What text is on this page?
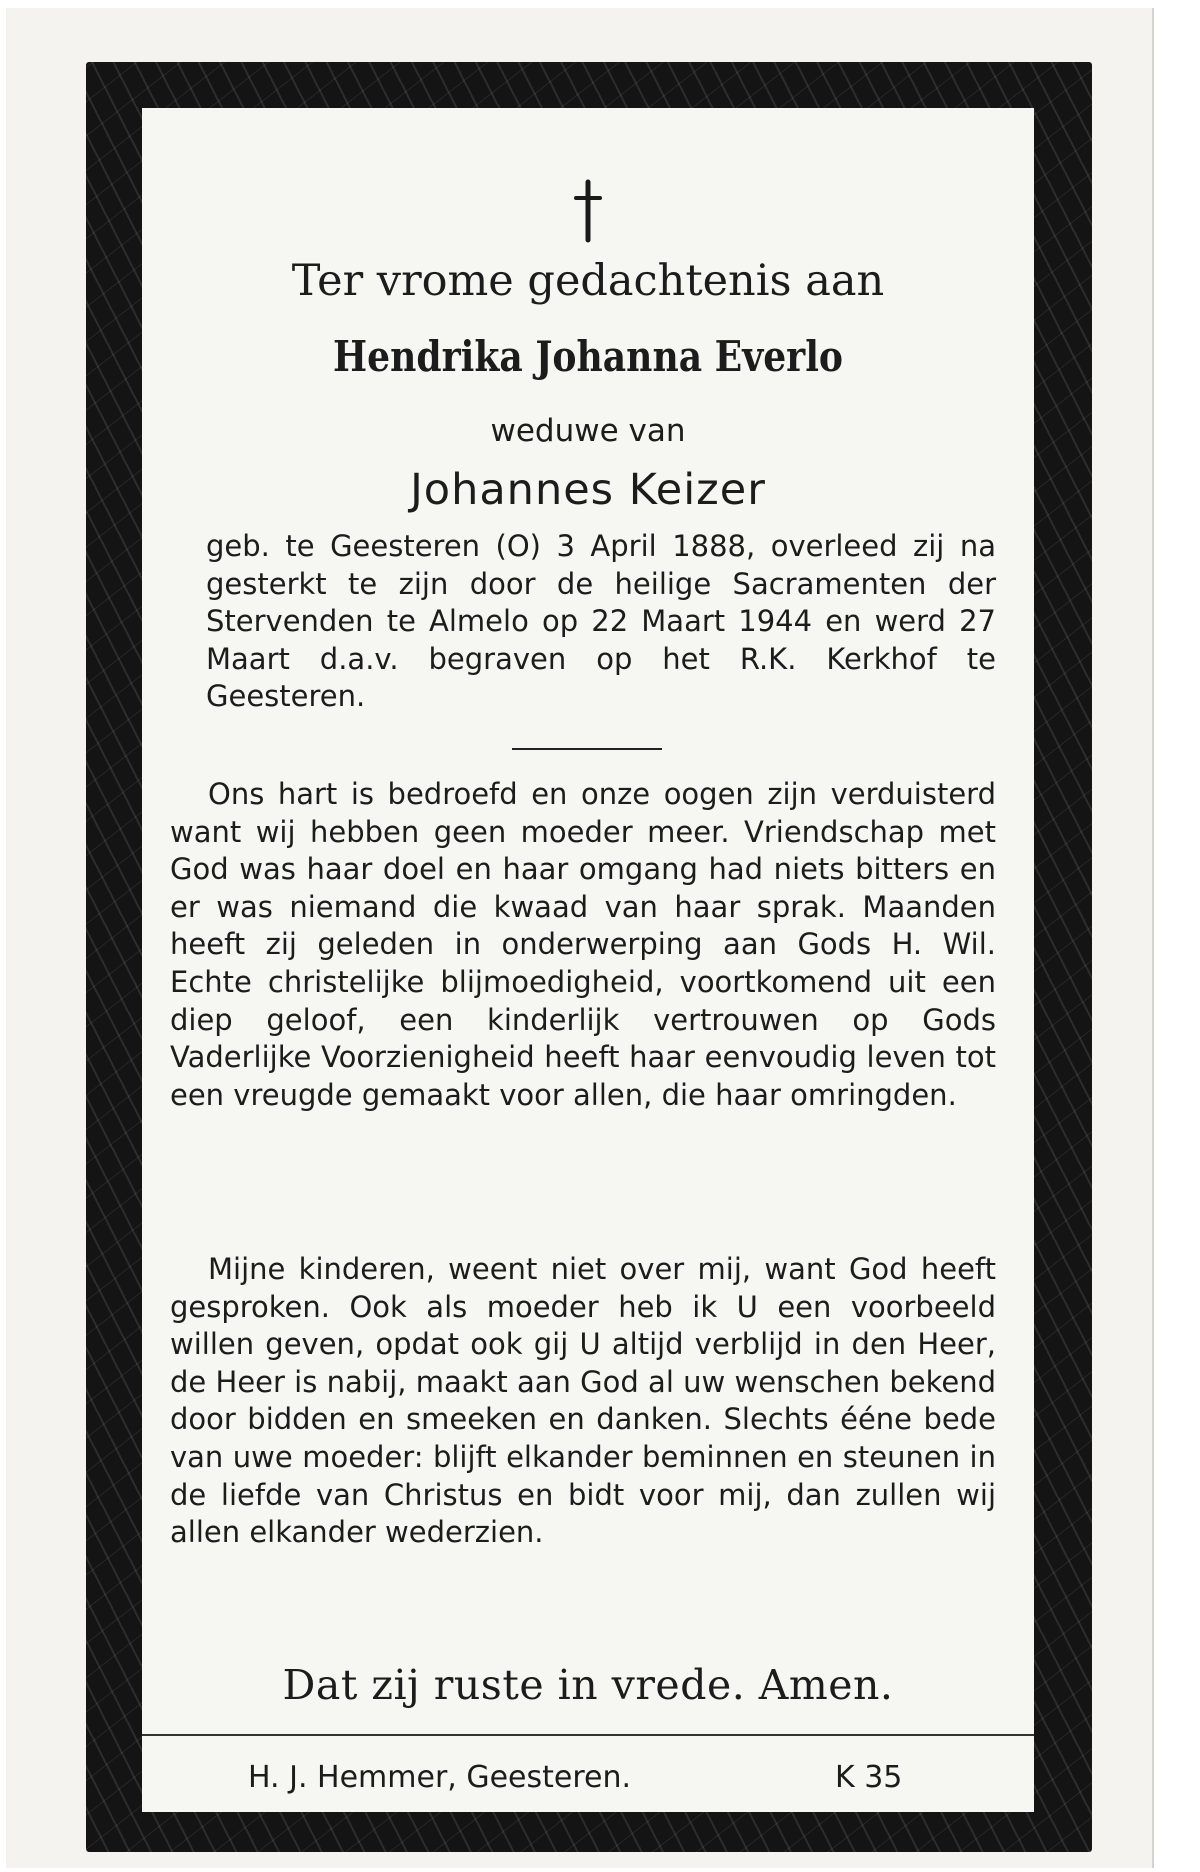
Ter vrome gedachtenis aan
Hendrika Johanna Everlo
weduwe van
Johannes Keizer
geb. te Geesteren (O) 3 April 1888, overleed zij na gesterkt te zijn door de heilige Sacramenten der Stervenden te Almelo op 22 Maart 1944 en werd 27 Maart d.a.v. begraven op het R.K. Kerkhof te Geesteren.
Ons hart is bedroefd en onze oogen zijn verduisterd want wij hebben geen moeder meer. Vriendschap met God was haar doel en haar omgang had niets bitters en er was niemand die kwaad van haar sprak. Maanden heeft zij geleden in onderwerping aan Gods H. Wil. Echte christelijke blijmoedigheid, voortkomend uit een diep geloof, een kinderlijk vertrouwen op Gods Vaderlijke Voorzienigheid heeft haar eenvoudig leven tot een vreugde gemaakt voor allen, die haar omringden.
Mijne kinderen, weent niet over mij, want God heeft gesproken. Ook als moeder heb ik U een voorbeeld willen geven, opdat ook gij U altijd verblijd in den Heer, de Heer is nabij, maakt aan God al uw wenschen bekend door bidden en smeeken en danken. Slechts ééne bede van uwe moeder: blijft elkander beminnen en steunen in de liefde van Christus en bidt voor mij, dan zullen wij allen elkander wederzien.
Dat zij ruste in vrede. Amen.
H. J. Hemmer, Geesteren.	K 35
